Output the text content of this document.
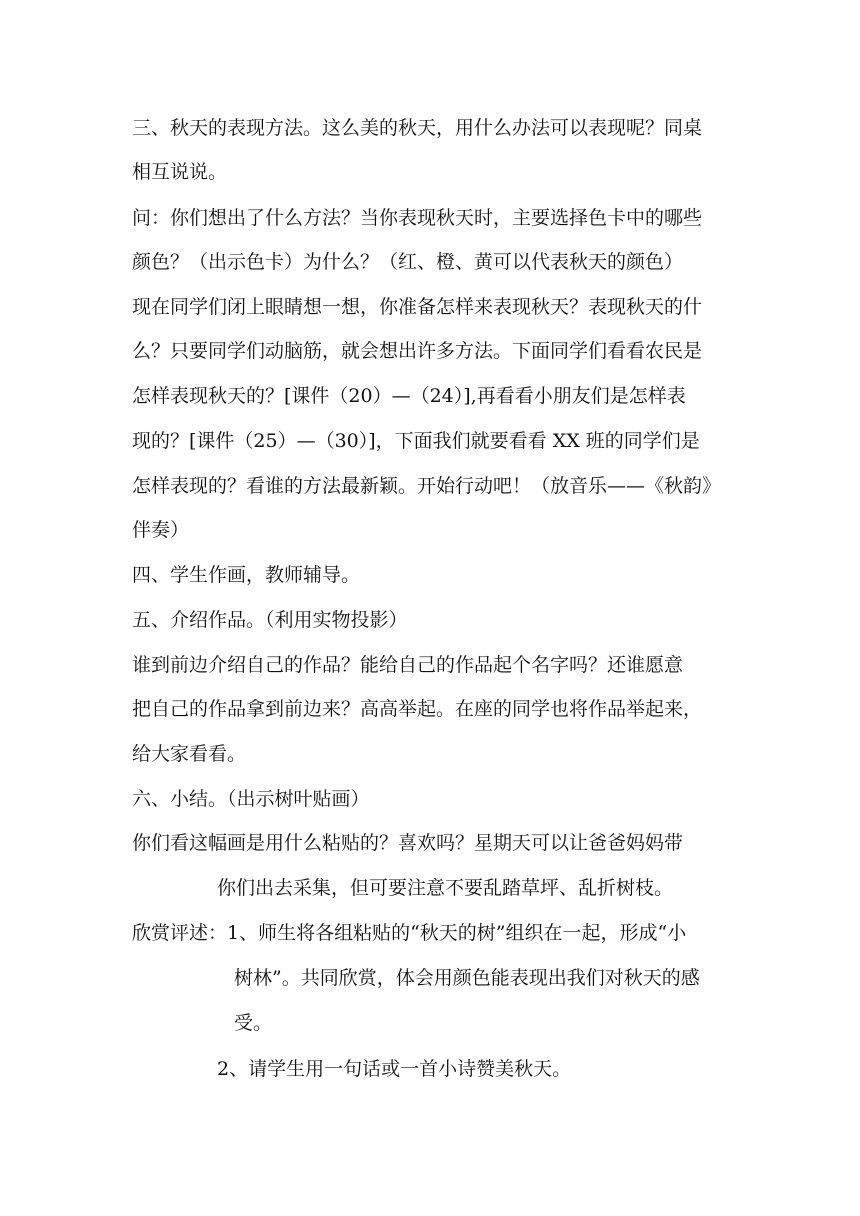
三、秋天的表现方法。这么美的秋天，用什么办法可以表现呢？同桌
相互说说。
问：你们想出了什么方法？当你表现秋天时，主要选择色卡中的哪些
颜色？（出示色卡）为什么？（红、橙、黄可以代表秋天的颜色）
现在同学们闭上眼睛想一想，你准备怎样来表现秋天？表现秋天的什
么？只要同学们动脑筋，就会想出许多方法。下面同学们看看农民是
怎样表现秋天的？[课件（20）—（24）],再看看小朋友们是怎样表
现的？[课件（25）—（30）]，下面我们就要看看 XX 班的同学们是
怎样表现的？看谁的方法最新颖。开始行动吧！（放音乐——《秋韵》
伴奏）
四、学生作画，教师辅导。
五、介绍作品。（利用实物投影）
谁到前边介绍自己的作品？能给自己的作品起个名字吗？还谁愿意
把自己的作品拿到前边来？高高举起。在座的同学也将作品举起来，
给大家看看。
六、小结。（出示树叶贴画）
你们看这幅画是用什么粘贴的？喜欢吗？星期天可以让爸爸妈妈带
你们出去采集，但可要注意不要乱踏草坪、乱折树枝。
欣赏评述：1、师生将各组粘贴的“秋天的树”组织在一起，形成“小
树林”。共同欣赏，体会用颜色能表现出我们对秋天的感
受。
2、请学生用一句话或一首小诗赞美秋天。
